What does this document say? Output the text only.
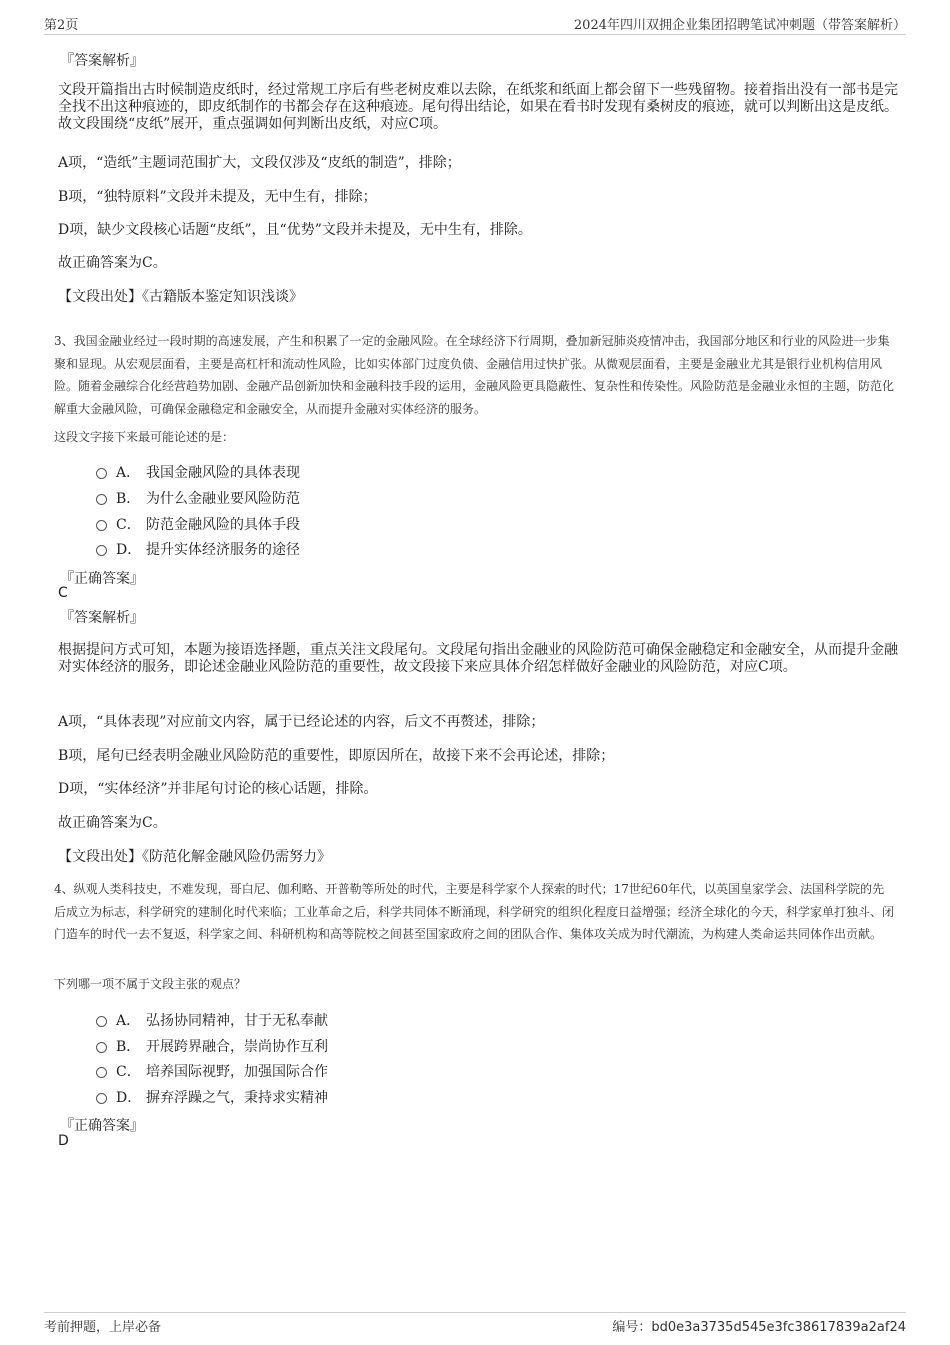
第2页	2024年四川双拥企业集团招聘笔试冲刺题（带答案解析）
『答案解析』
文段开篇指出古时候制造皮纸时，经过常规工序后有些老树皮难以去除，在纸浆和纸面上都会留下一些残留物。接着指出没有一部书是完全找不出这种痕迹的，即皮纸制作的书都会存在这种痕迹。尾句得出结论，如果在看书时发现有桑树皮的痕迹，就可以判断出这是皮纸。故文段围绕“皮纸”展开，重点强调如何判断出皮纸，对应C项。
A项，“造纸”主题词范围扩大，文段仅涉及“皮纸的制造”，排除；
B项，“独特原料”文段并未提及，无中生有，排除；
D项，缺少文段核心话题“皮纸”，且“优势”文段并未提及，无中生有，排除。
故正确答案为C。
【文段出处】《古籍版本鉴定知识浅谈》
3、我国金融业经过一段时期的高速发展，产生和积累了一定的金融风险。在全球经济下行周期，叠加新冠肺炎疫情冲击，我国部分地区和行业的风险进一步集聚和显现。从宏观层面看，主要是高杠杆和流动性风险，比如实体部门过度负债、金融信用过快扩张。从微观层面看，主要是金融业尤其是银行业机构信用风险。随着金融综合化经营趋势加剧、金融产品创新加快和金融科技手段的运用，金融风险更具隐蔽性、复杂性和传染性。风险防范是金融业永恒的主题，防范化解重大金融风险，可确保金融稳定和金融安全，从而提升金融对实体经济的服务。
这段文字接下来最可能论述的是：
A． 我国金融风险的具体表现
B． 为什么金融业要风险防范
C． 防范金融风险的具体手段
D． 提升实体经济服务的途径
『正确答案』
C
『答案解析』
根据提问方式可知，本题为接语选择题，重点关注文段尾句。文段尾句指出金融业的风险防范可确保金融稳定和金融安全，从而提升金融对实体经济的服务，即论述金融业风险防范的重要性，故文段接下来应具体介绍怎样做好金融业的风险防范，对应C项。
A项，“具体表现”对应前文内容，属于已经论述的内容，后文不再赘述，排除；
B项，尾句已经表明金融业风险防范的重要性，即原因所在，故接下来不会再论述，排除；
D项，“实体经济”并非尾句讨论的核心话题，排除。
故正确答案为C。
【文段出处】《防范化解金融风险仍需努力》
4、纵观人类科技史，不难发现，哥白尼、伽利略、开普勒等所处的时代，主要是科学家个人探索的时代；17世纪60年代，以英国皇家学会、法国科学院的先后成立为标志，科学研究的建制化时代来临；工业革命之后，科学共同体不断涌现，科学研究的组织化程度日益增强；经济全球化的今天，科学家单打独斗、闭门造车的时代一去不复返，科学家之间、科研机构和高等院校之间甚至国家政府之间的团队合作、集体攻关成为时代潮流，为构建人类命运共同体作出贡献。
下列哪一项不属于文段主张的观点？
A． 弘扬协同精神，甘于无私奉献
B． 开展跨界融合，崇尚协作互利
C． 培养国际视野，加强国际合作
D． 摒弃浮躁之气，秉持求实精神
『正确答案』
D
考前押题，上岸必备	编号：bd0e3a3735d545e3fc38617839a2af24
